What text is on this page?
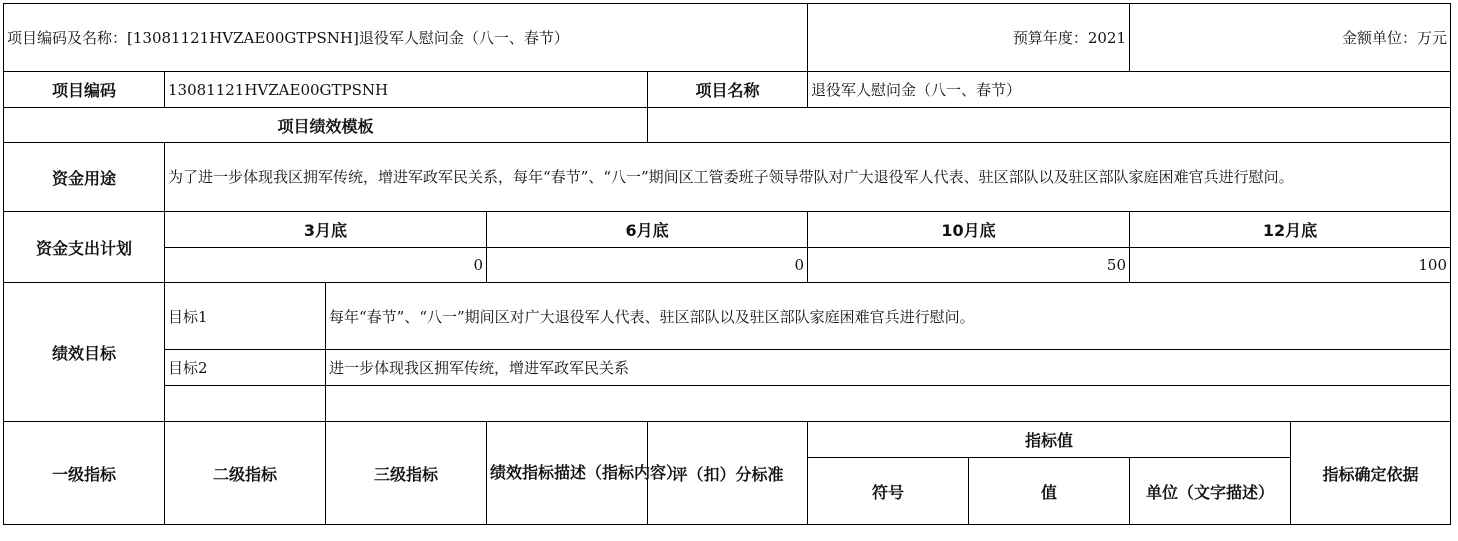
项目编码及名称：[13081121HVZAE00GTPSNH]退役军人慰问金（八一、春节）					预算年度：2021		金额单位：万元	
项目编码	13081121HVZAE00GTPSNH			项目名称	退役军人慰问金（八一、春节）			
项目绩效模板								
资金用途	为了进一步体现我区拥军传统，增进军政军民关系，每年“春节”、“八一”期间区工管委班子领导带队对广大退役军人代表、驻区部队以及驻区部队家庭困难官兵进行慰问。							
资金支出计划	3月底		6月底		10月底		12月底	
	0		0		50		100	
绩效目标	目标1	每年“春节”、“八一”期间区对广大退役军人代表、驻区部队以及驻区部队家庭困难官兵进行慰问。						
	目标2	进一步体现我区拥军传统，增进军政军民关系						

一级指标	二级指标	三级指标	绩效指标描述（指标内容）	评（扣）分标准	指标值			指标确定依据
					符号	值	单位（文字描述）	
